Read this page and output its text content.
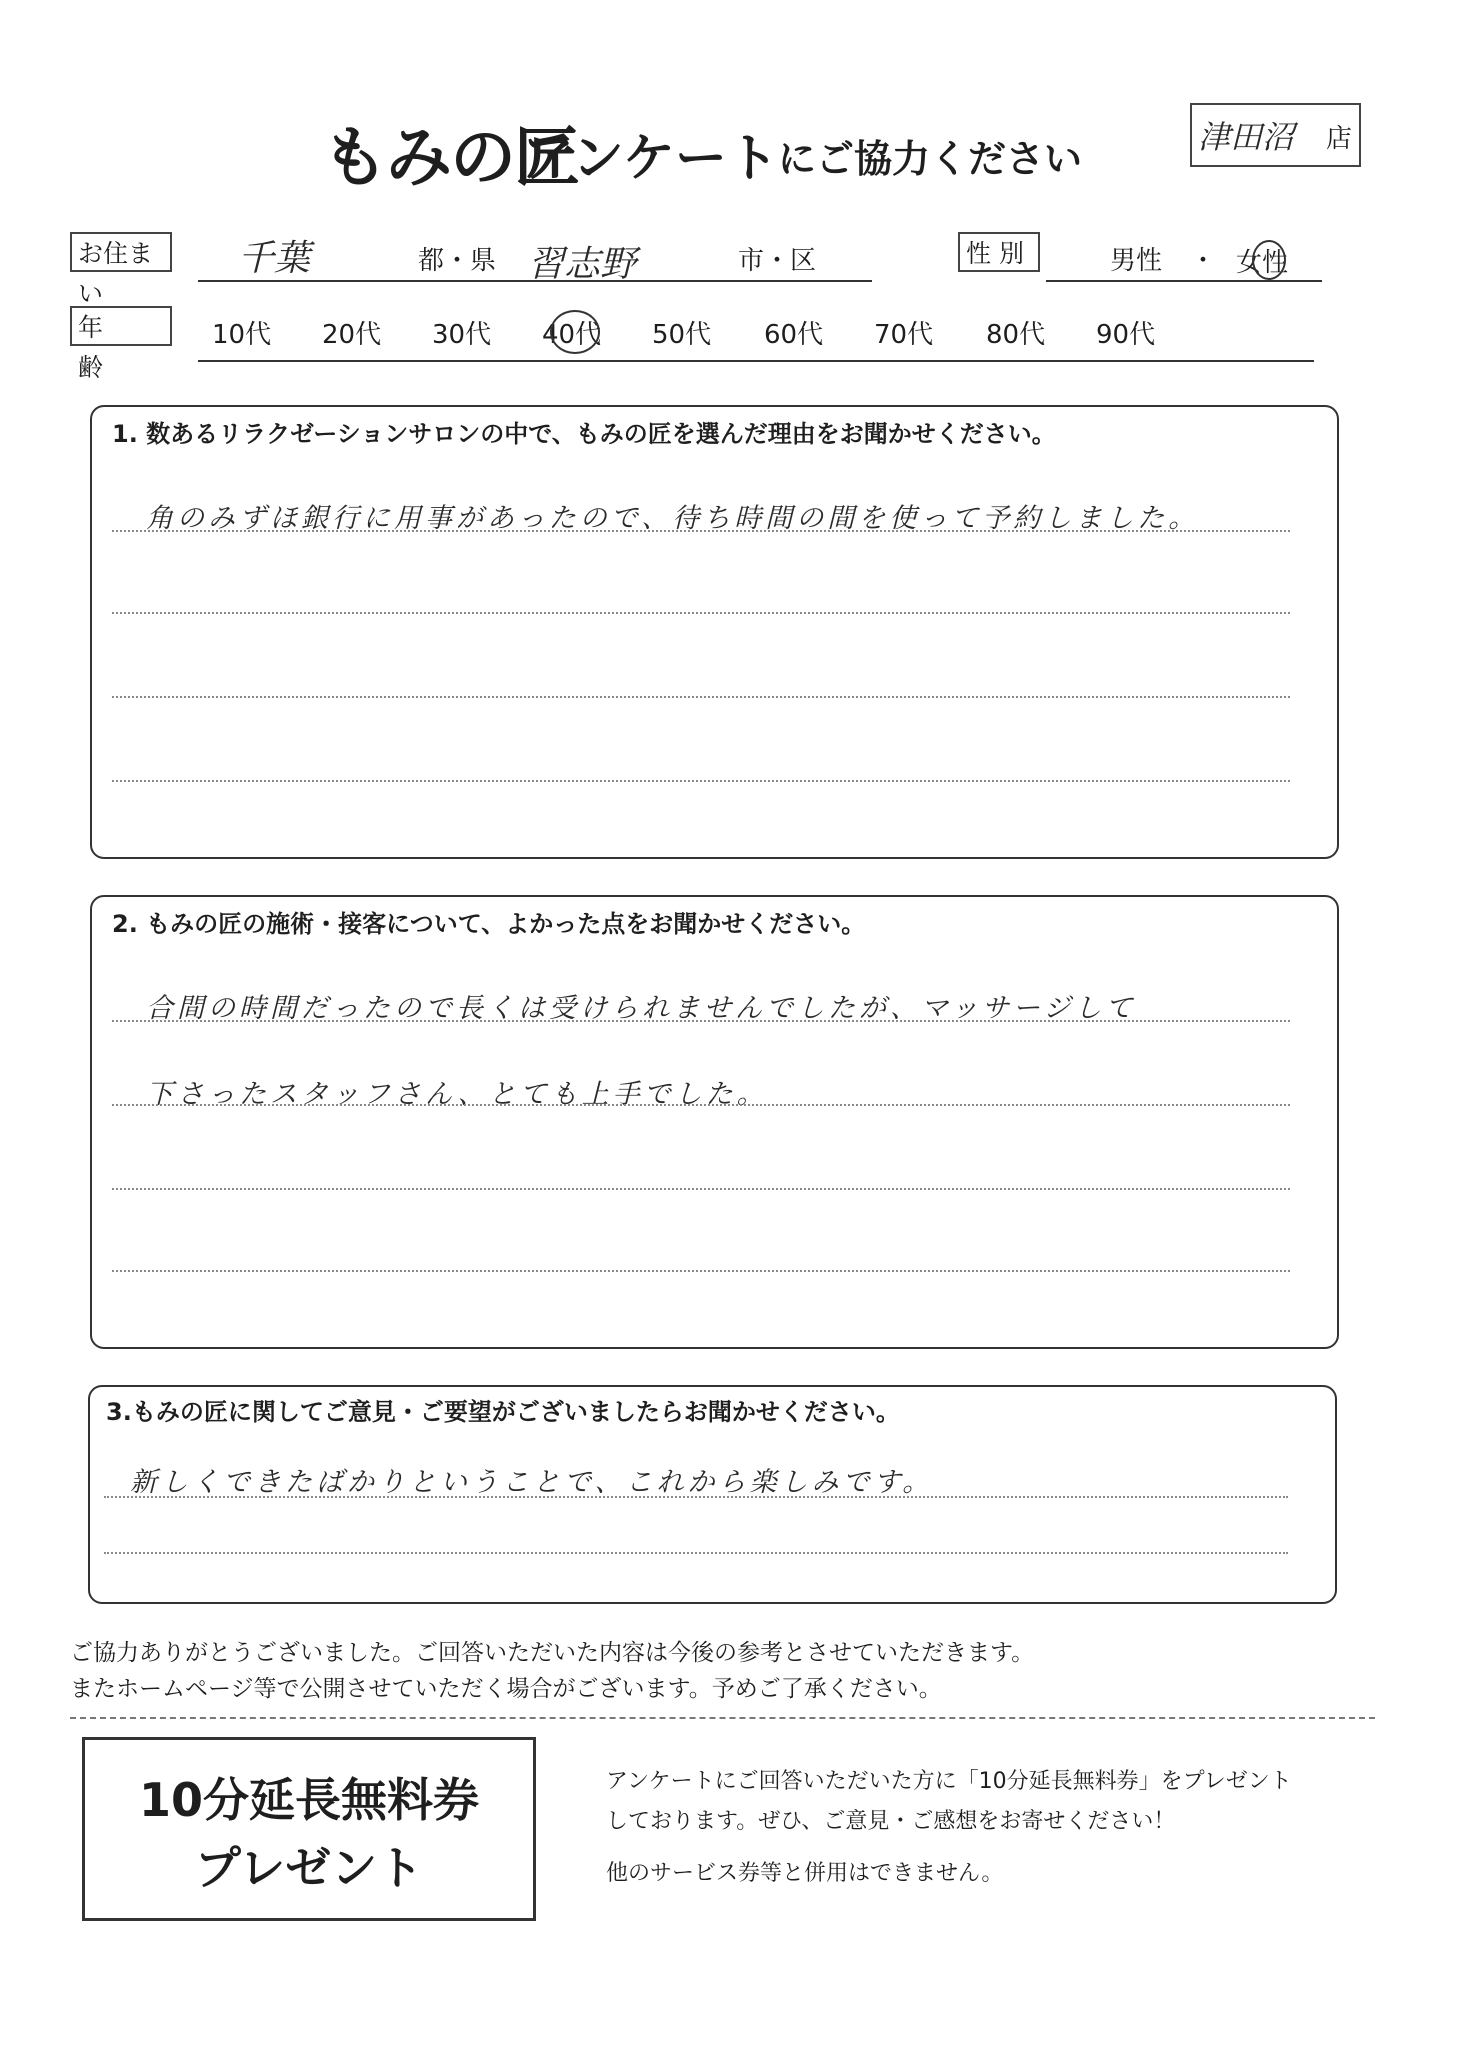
もみの匠
アンケート にご協力ください	津田沼 店
お住まい
千葉	都・県 習志野	市・区	性 別	男性 ・ 女性
年 齢
10代 20代 30代 40代 50代 60代 70代 80代 90代
1. 数あるリラクゼーションサロンの中で、もみの匠を選んだ理由をお聞かせください。
角のみずほ銀行に用事があったので、待ち時間の間を使って予約しました。
2. もみの匠の施術・接客について、よかった点をお聞かせください。
合間の時間だったので長くは受けられませんでしたが、マッサージして
下さったスタッフさん、とても上手でした。
3.もみの匠に関してご意見・ご要望がございましたらお聞かせください。
新しくできたばかりということで、これから楽しみです。
ご協力ありがとうございました。ご回答いただいた内容は今後の参考とさせていただきます。
またホームページ等で公開させていただく場合がございます。予めご了承ください。
10分延長無料券
プレゼント
アンケートにご回答いただいた方に「10分延長無料券」をプレゼント
しております。ぜひ、ご意見・ご感想をお寄せください！
他のサービス券等と併用はできません。
